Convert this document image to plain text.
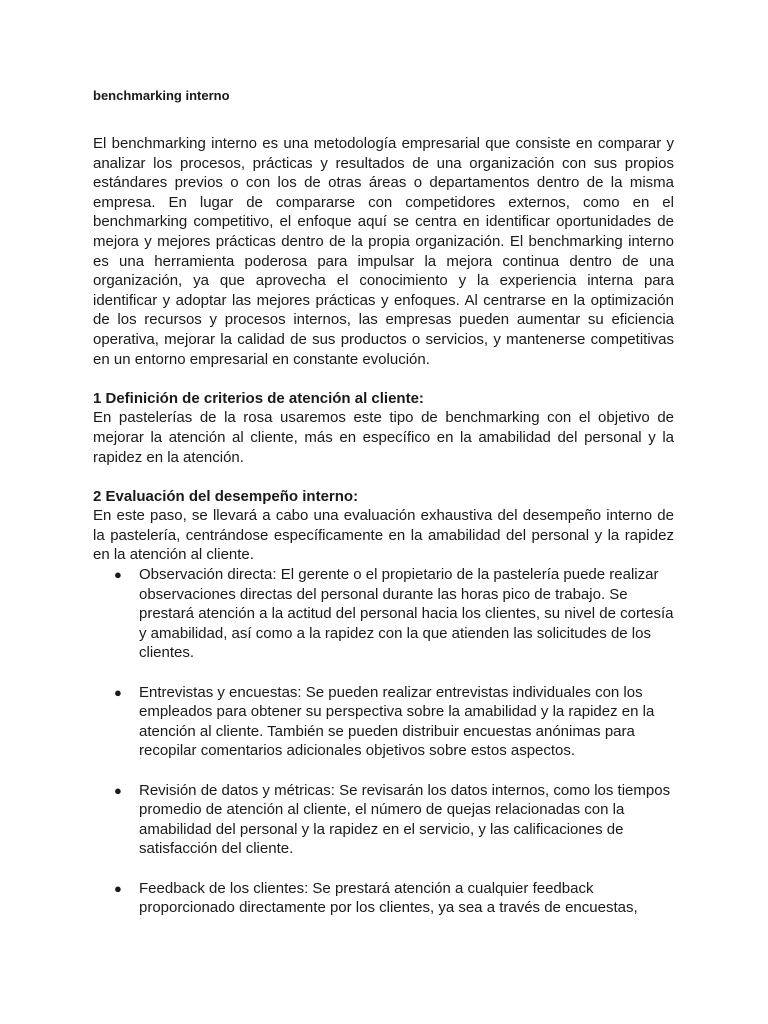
benchmarking interno

El benchmarking interno es una metodología empresarial que consiste en comparar y analizar los procesos, prácticas y resultados de una organización con sus propios estándares previos o con los de otras áreas o departamentos dentro de la misma empresa. En lugar de compararse con competidores externos, como en el benchmarking competitivo, el enfoque aquí se centra en identificar oportunidades de mejora y mejores prácticas dentro de la propia organización. El benchmarking interno es una herramienta poderosa para impulsar la mejora continua dentro de una organización, ya que aprovecha el conocimiento y la experiencia interna para identificar y adoptar las mejores prácticas y enfoques. Al centrarse en la optimización de los recursos y procesos internos, las empresas pueden aumentar su eficiencia operativa, mejorar la calidad de sus productos o servicios, y mantenerse competitivas en un entorno empresarial en constante evolución.

1 Definición de criterios de atención al cliente:

En pastelerías de la rosa usaremos este tipo de benchmarking con el objetivo de mejorar la atención al cliente, más en específico en la amabilidad del personal y la rapidez en la atención.

2 Evaluación del desempeño interno:

En este paso, se llevará a cabo una evaluación exhaustiva del desempeño interno de la pastelería, centrándose específicamente en la amabilidad del personal y la rapidez en la atención al cliente.

● Observación directa: El gerente o el propietario de la pastelería puede realizar observaciones directas del personal durante las horas pico de trabajo. Se prestará atención a la actitud del personal hacia los clientes, su nivel de cortesía y amabilidad, así como a la rapidez con la que atienden las solicitudes de los clientes.
● Entrevistas y encuestas: Se pueden realizar entrevistas individuales con los empleados para obtener su perspectiva sobre la amabilidad y la rapidez en la atención al cliente. También se pueden distribuir encuestas anónimas para recopilar comentarios adicionales objetivos sobre estos aspectos.
● Revisión de datos y métricas: Se revisarán los datos internos, como los tiempos promedio de atención al cliente, el número de quejas relacionadas con la amabilidad del personal y la rapidez en el servicio, y las calificaciones de satisfacción del cliente.
● Feedback de los clientes: Se prestará atención a cualquier feedback proporcionado directamente por los clientes, ya sea a través de encuestas,
